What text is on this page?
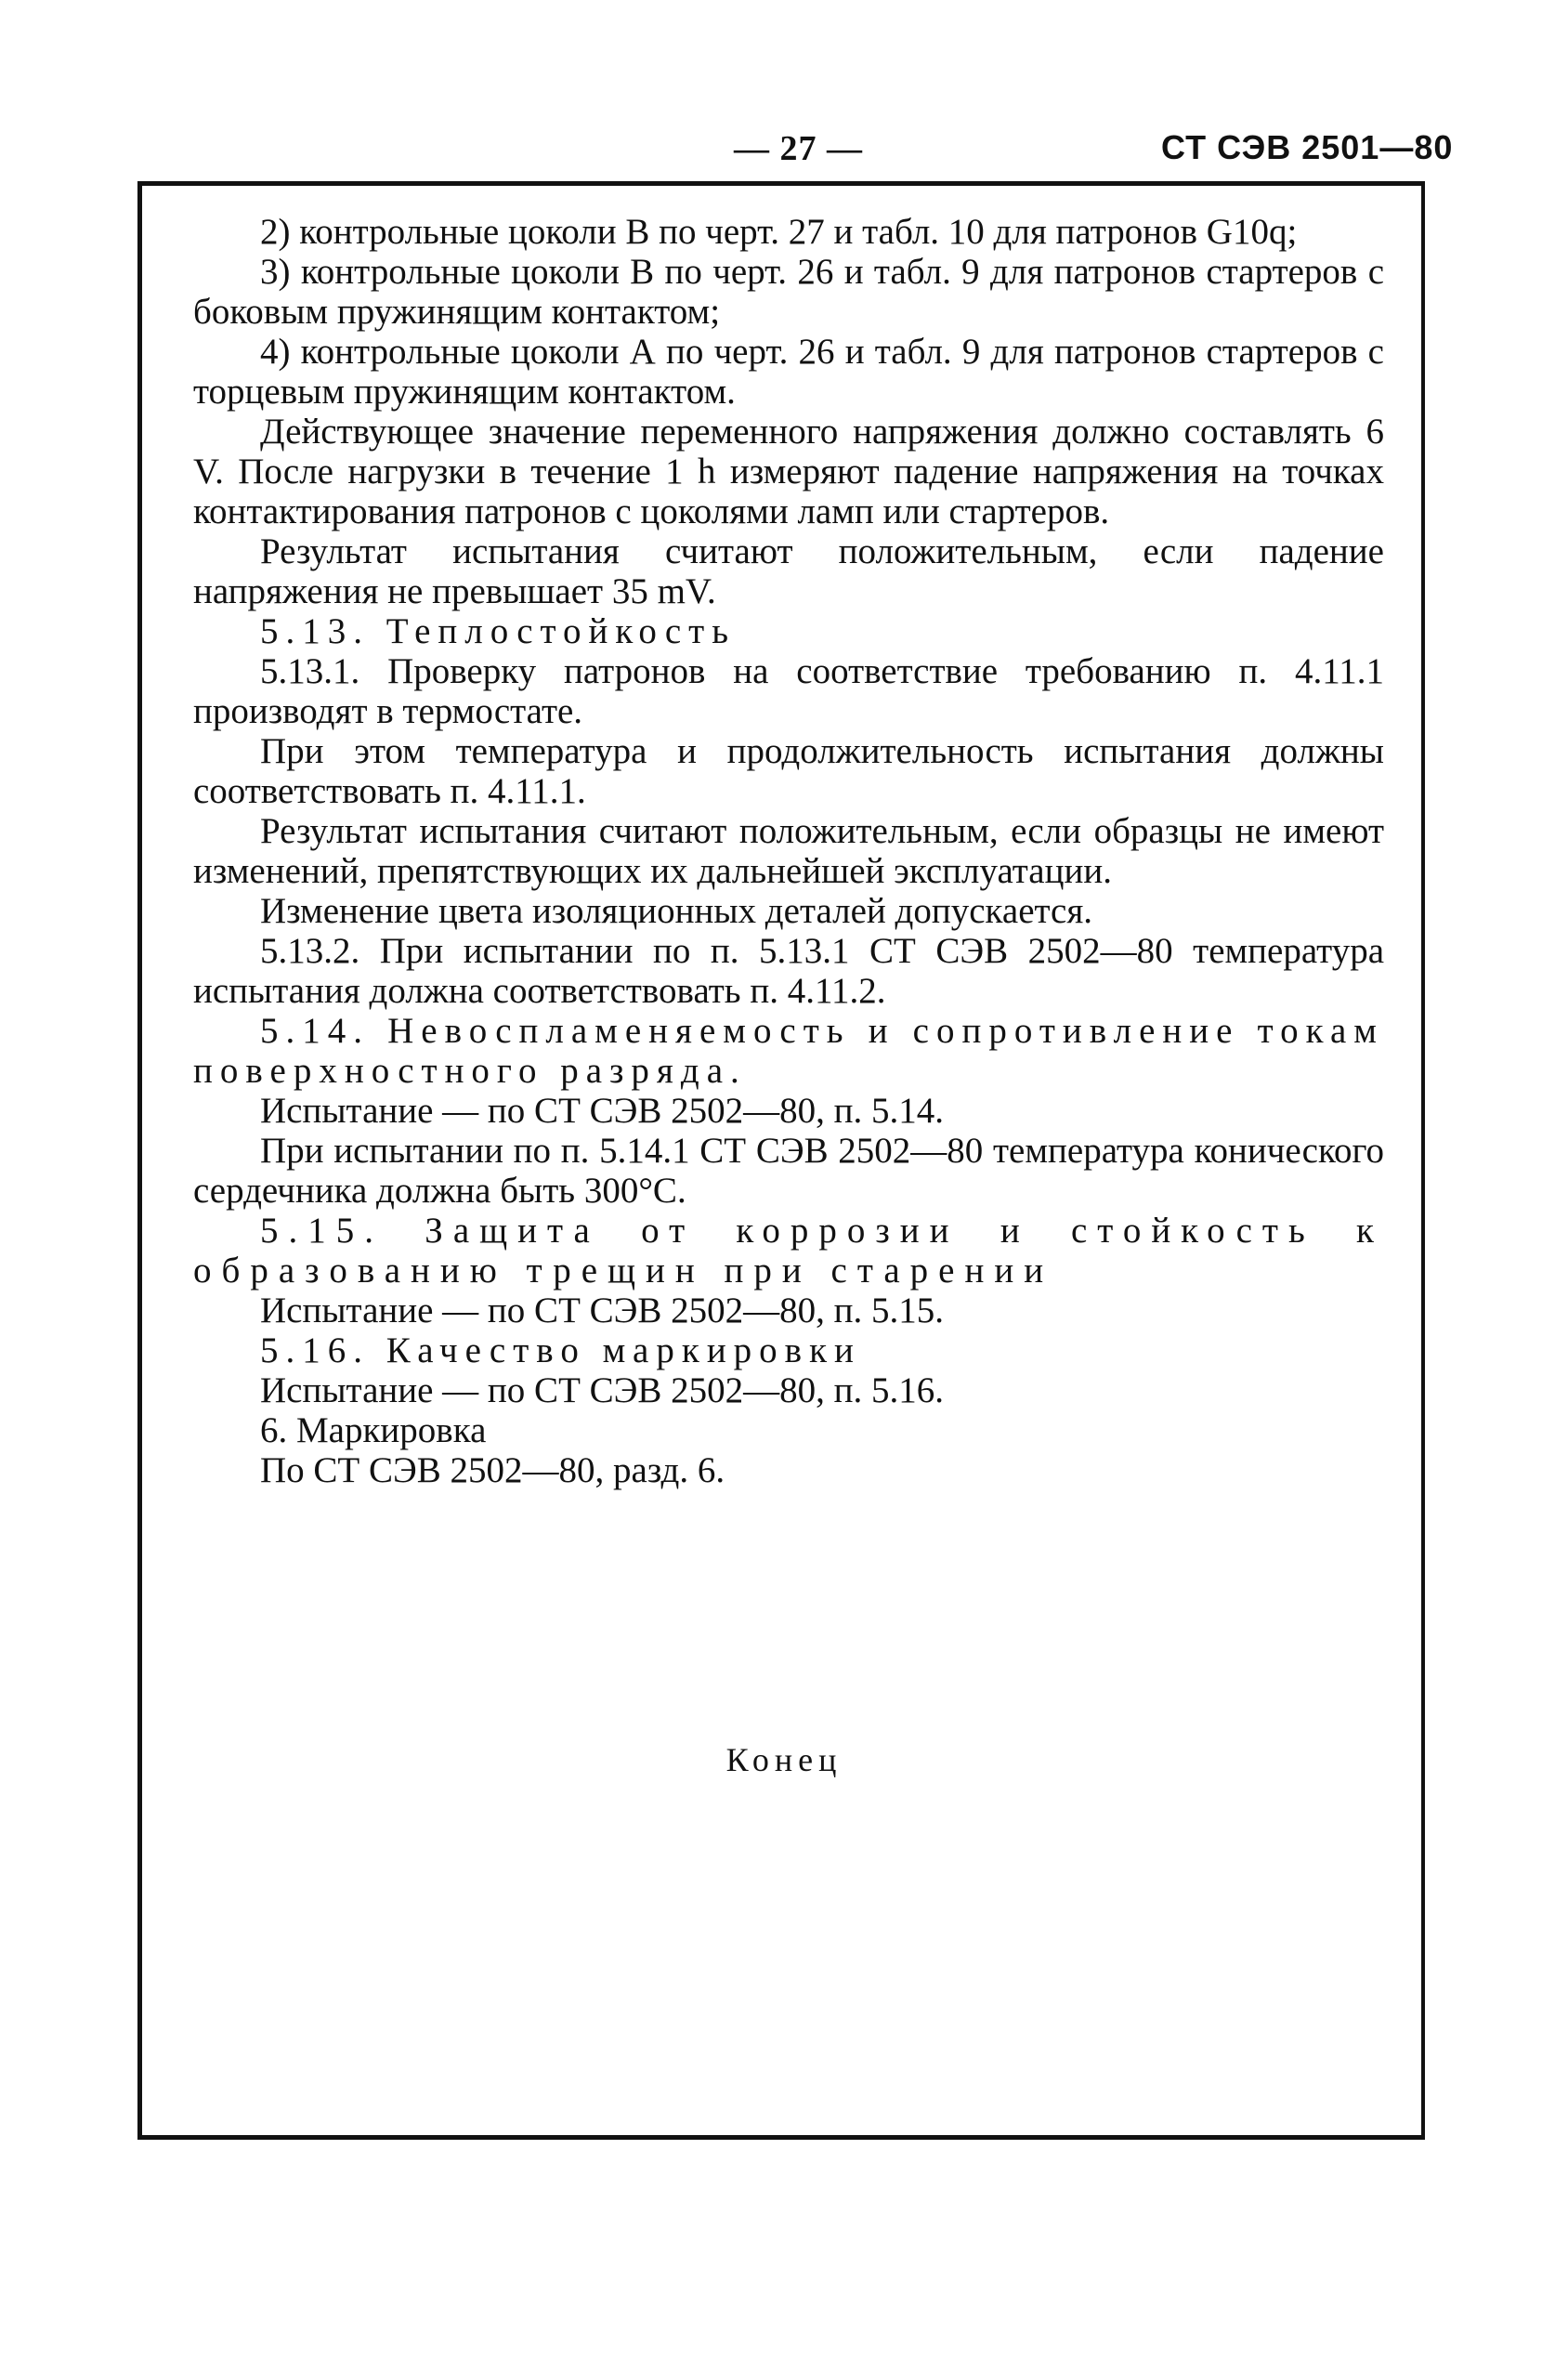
— 27 —	СТ СЭВ 2501—80

2) контрольные цоколи В по черт. 27 и табл. 10 для патронов G10q;

3) контрольные цоколи В по черт. 26 и табл. 9 для патронов стартеров с боковым пружинящим контактом;

4) контрольные цоколи А по черт. 26 и табл. 9 для патронов стартеров с торцевым пружинящим контактом.

Действующее значение переменного напряжения должно составлять 6 V. После нагрузки в течение 1 h измеряют падение напряжения на точках контактирования патронов с цоколями ламп или стартеров.

Результат испытания считают положительным, если падение напряжения не превышает 35 mV.

5.13. Теплостойкость

5.13.1. Проверку патронов на соответствие требованию п. 4.11.1 производят в термостате.

При этом температура и продолжительность испытания должны соответствовать п. 4.11.1.

Результат испытания считают положительным, если образцы не имеют изменений, препятствующих их дальнейшей эксплуатации.

Изменение цвета изоляционных деталей допускается.

5.13.2. При испытании по п. 5.13.1 СТ СЭВ 2502—80 температура испытания должна соответствовать п. 4.11.2.

5.14. Невоспламеняемость и сопротивление токам поверхностного разряда.

Испытание — по СТ СЭВ 2502—80, п. 5.14.

При испытании по п. 5.14.1 СТ СЭВ 2502—80 температура конического сердечника должна быть 300°С.

5.15. Защита от коррозии и стойкость к образованию трещин при старении

Испытание — по СТ СЭВ 2502—80, п. 5.15.

5.16. Качество маркировки

Испытание — по СТ СЭВ 2502—80, п. 5.16.

6. Маркировка

По СТ СЭВ 2502—80, разд. 6.

Конец
